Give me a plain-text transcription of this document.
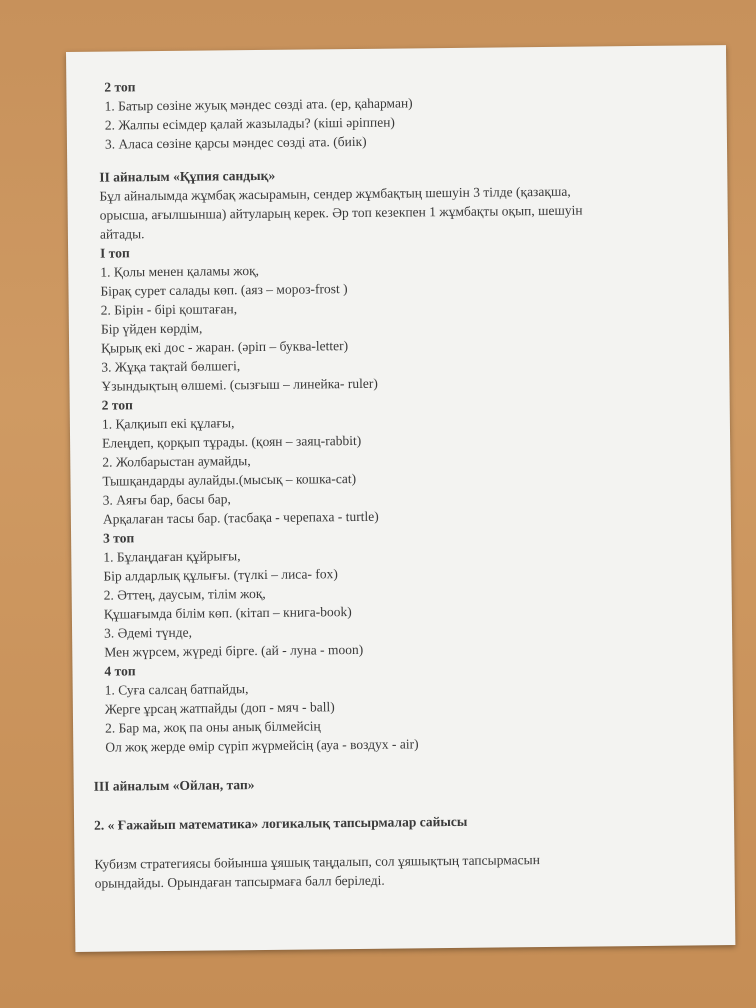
2 топ
1. Батыр сөзіне жуық мәндес сөзді ата. (ер, қаһарман)
2. Жалпы есімдер қалай жазылады? (кіші әріппен)
3. Аласа сөзіне қарсы мәндес сөзді ата. (биік)
ІІ айналым «Құпия сандық»
Бұл айналымда жұмбақ жасырамын, сендер жұмбақтың шешуін 3 тілде (қазақша,
орысша, ағылшынша) айтуларың керек. Әр топ кезекпен 1 жұмбақты оқып, шешуін
айтады.
І топ
1. Қолы менен қаламы жоқ,
Бірақ сурет салады көп. (аяз – мороз-frost )
2. Бірін - бірі қоштаған,
Бір үйден көрдім,
Қырық екі дос - жаран. (әріп – буква-letter)
3. Жұқа тақтай бөлшегі,
Ұзындықтың өлшемі. (сызғыш – линейка- ruler)
2 топ
1. Қалқиып екі құлағы,
Елеңдеп, қорқып тұрады. (қоян – заяц-rabbit)
2. Жолбарыстан аумайды,
Тышқандарды аулайды.(мысық – кошка-cat)
3. Аяғы бар, басы бар,
Арқалаған тасы бар. (тасбақа - черепаха - turtle)
3 топ
1. Бұлаңдаған құйрығы,
Бір алдарлық құлығы. (түлкі – лиса- fox)
2. Әттең, даусым, тілім жоқ,
Құшағымда білім көп. (кітап – книга-book)
3. Әдемі түнде,
Мен жүрсем, жүреді бірге. (ай - луна - moon)
4 топ
1. Суға салсаң батпайды,
Жерге ұрсаң жатпайды (доп - мяч - ball)
2. Бар ма, жоқ па оны анық білмейсің
Ол жоқ жерде өмір сүріп жүрмейсің (ауа - воздух - air)
ІІІ айналым «Ойлан, тап»
2. « Ғажайып математика» логикалық тапсырмалар сайысы
Кубизм стратегиясы бойынша ұяшық таңдалып, сол ұяшықтың тапсырмасын
орындайды. Орындаған тапсырмаға балл беріледі.
